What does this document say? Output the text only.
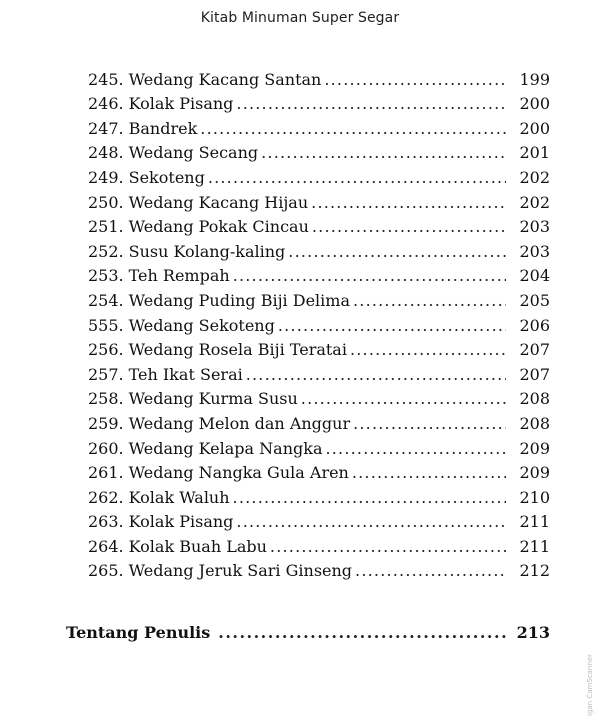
Kitab Minuman Super Segar
245. Wedang Kacang Santan .....	199
246. Kolak Pisang .....	200
247. Bandrek .....	200
248. Wedang Secang .....	201
249. Sekoteng .....	202
250. Wedang Kacang Hijau .....	202
251. Wedang Pokak Cincau .....	203
252. Susu Kolang-kaling .....	203
253. Teh Rempah .....	204
254. Wedang Puding Biji Delima .....	205
555. Wedang Sekoteng .....	206
256. Wedang Rosela Biji Teratai .....	207
257. Teh Ikat Serai .....	207
258. Wedang Kurma Susu .....	208
259. Wedang Melon dan Anggur .....	208
260. Wedang Kelapa Nangka .....	209
261. Wedang Nangka Gula Aren .....	209
262. Kolak Waluh .....	210
263. Kolak Pisang .....	211
264. Kolak Buah Labu .....	211
265. Wedang Jeruk Sari Ginseng .....	212
Tentang Penulis .....	213
igan CamScanner
